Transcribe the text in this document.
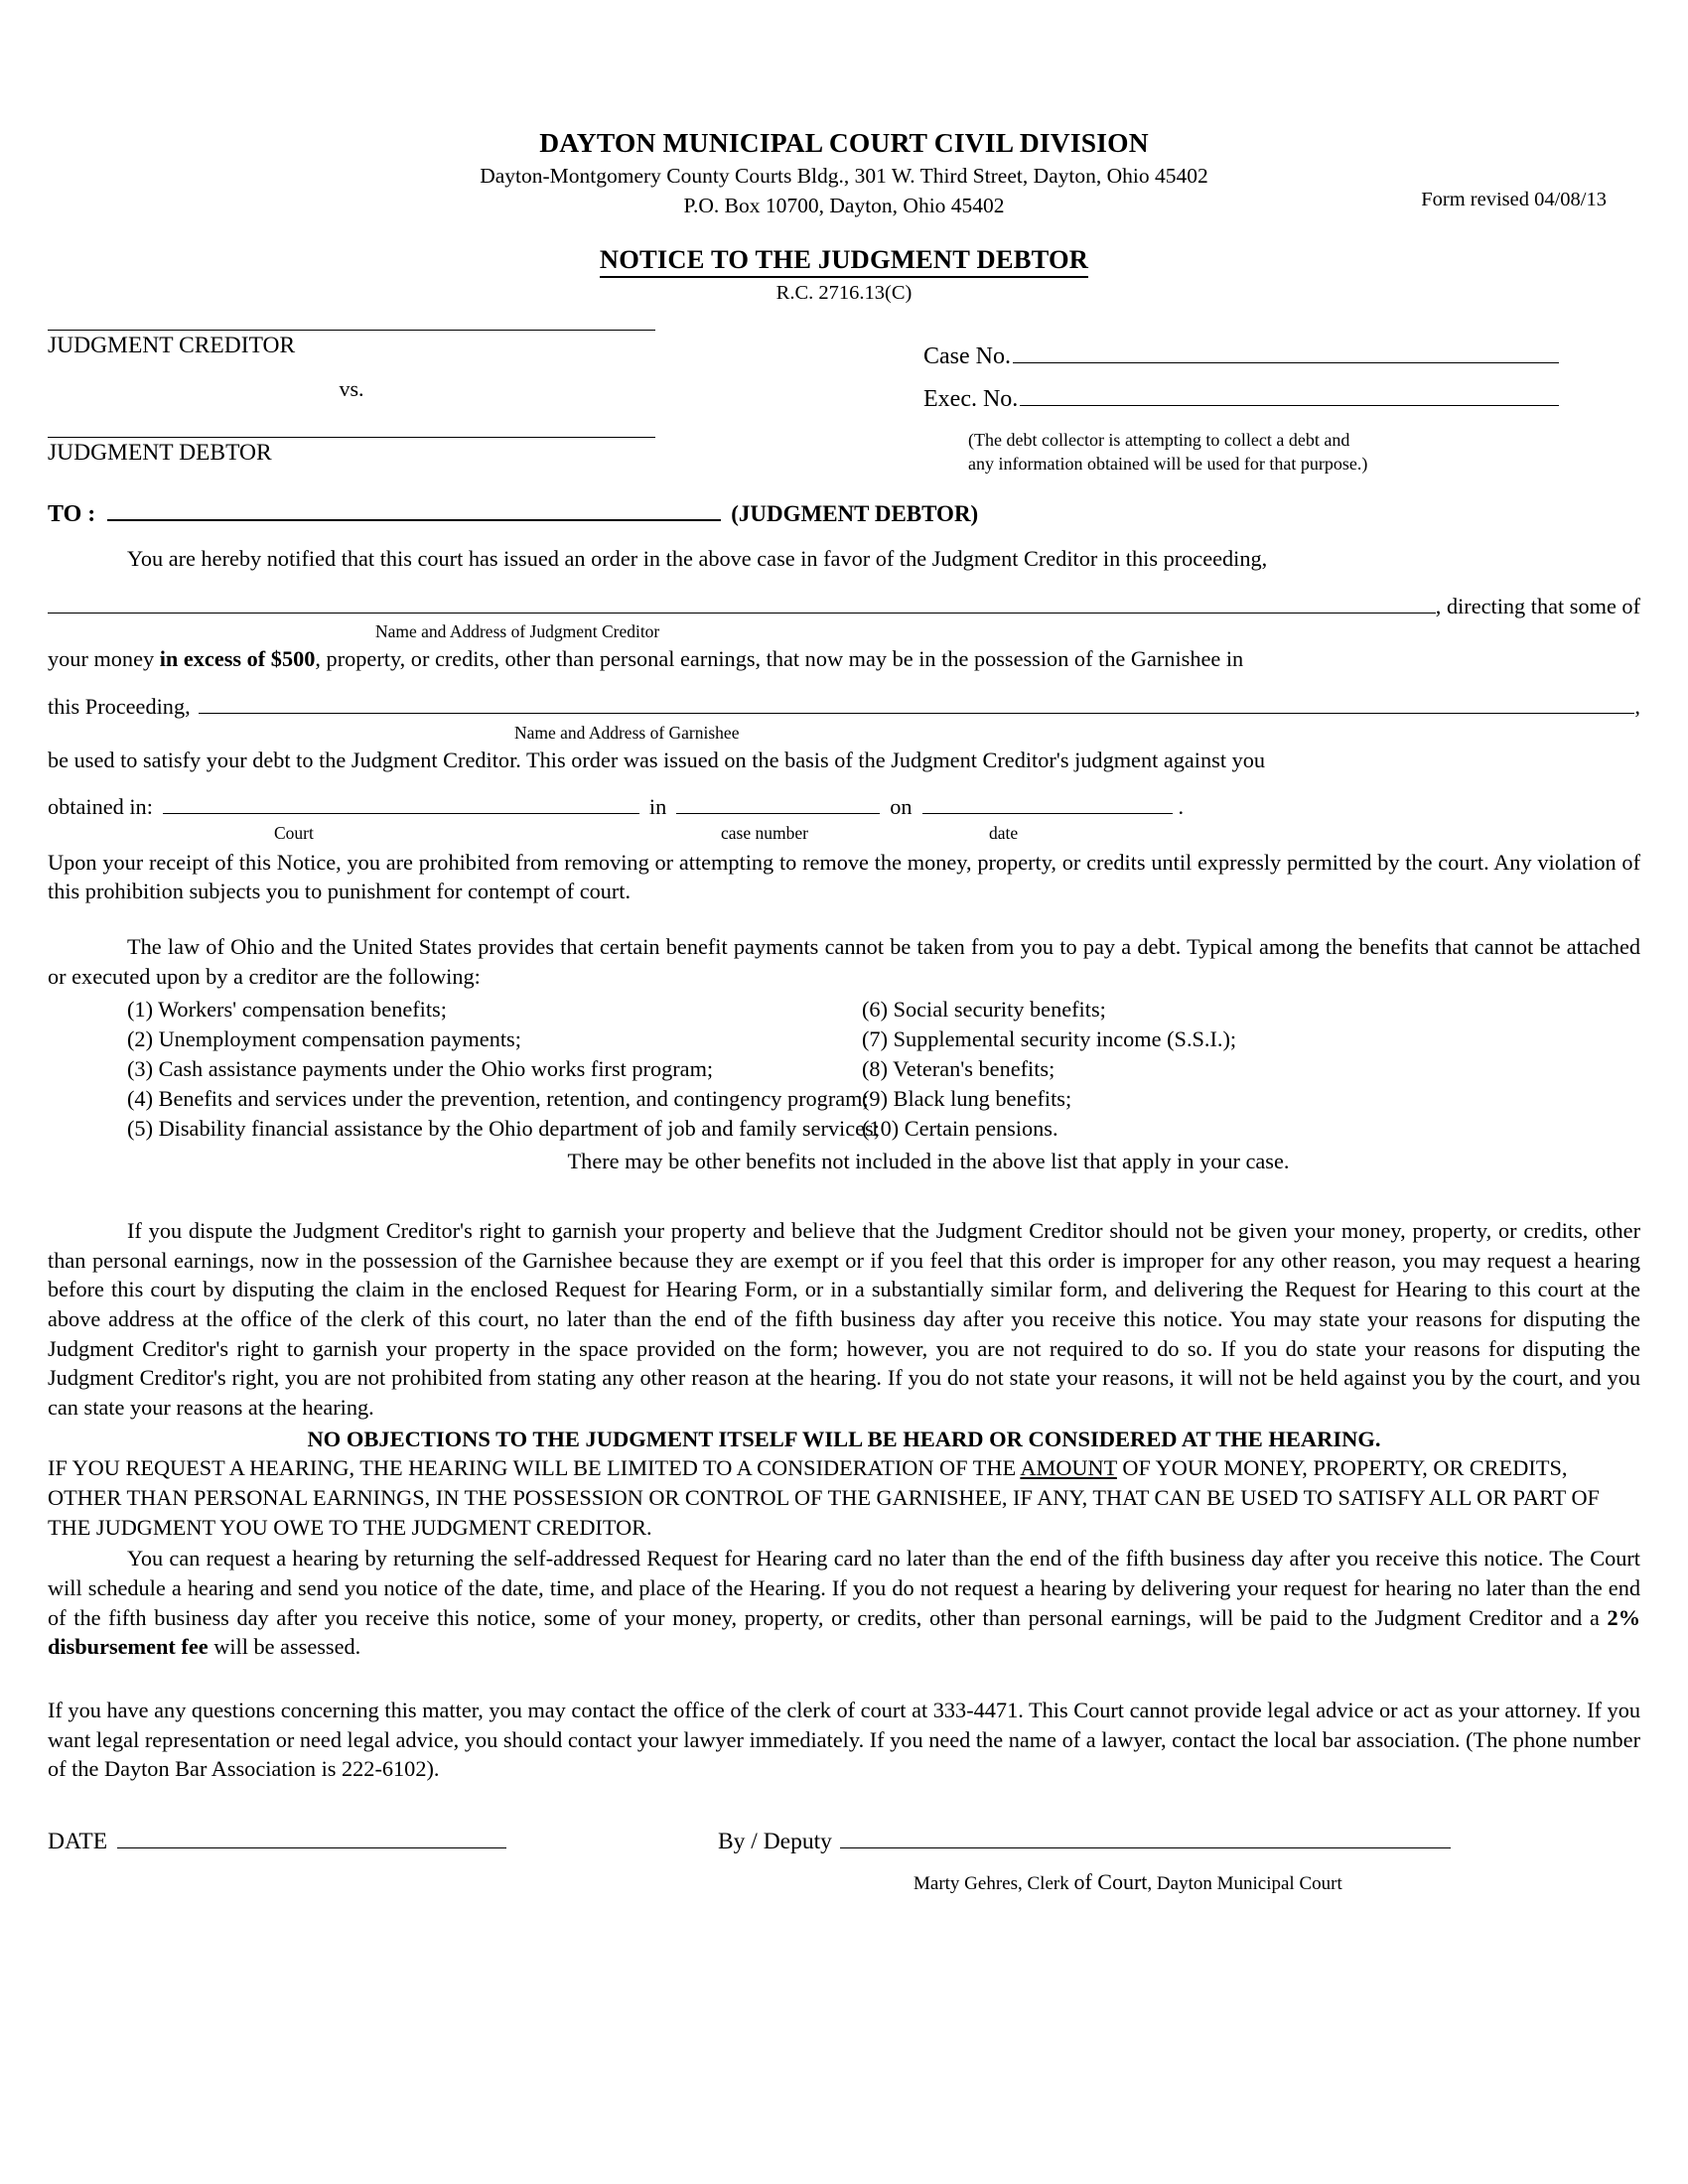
DAYTON MUNICIPAL COURT CIVIL DIVISION
Dayton-Montgomery County Courts Bldg., 301 W. Third Street, Dayton, Ohio 45402
P.O. Box 10700, Dayton, Ohio 45402	Form revised 04/08/13
NOTICE TO THE JUDGMENT DEBTOR
R.C. 2716.13(C)
JUDGMENT CREDITOR
vs.
JUDGMENT DEBTOR
Case No.
Exec. No.
(The debt collector is attempting to collect a debt and
any information obtained will be used for that purpose.)
TO :	(JUDGMENT DEBTOR)
You are hereby notified that this court has issued an order in the above case in favor of the Judgment Creditor in this proceeding,
, directing that some of
Name and Address of Judgment Creditor
your money in excess of $500, property, or credits, other than personal earnings, that now may be in the possession of the Garnishee in
this Proceeding,	,
Name and Address of Garnishee
be used to satisfy your debt to the Judgment Creditor. This order was issued on the basis of the Judgment Creditor's judgment against you
obtained in:	in	on	.
Court	case number	date
Upon your receipt of this Notice, you are prohibited from removing or attempting to remove the money, property, or credits until expressly permitted by the court. Any violation of this prohibition subjects you to punishment for contempt of court.
The law of Ohio and the United States provides that certain benefit payments cannot be taken from you to pay a debt. Typical among the benefits that cannot be attached or executed upon by a creditor are the following:
(1) Workers' compensation benefits;
(2) Unemployment compensation payments;
(3) Cash assistance payments under the Ohio works first program;
(4) Benefits and services under the prevention, retention, and contingency program;
(5) Disability financial assistance by the Ohio department of job and family services;
(6) Social security benefits;
(7) Supplemental security income (S.S.I.);
(8) Veteran's benefits;
(9) Black lung benefits;
(10) Certain pensions.
There may be other benefits not included in the above list that apply in your case.
If you dispute the Judgment Creditor's right to garnish your property and believe that the Judgment Creditor should not be given your money, property, or credits, other than personal earnings, now in the possession of the Garnishee because they are exempt or if you feel that this order is improper for any other reason, you may request a hearing before this court by disputing the claim in the enclosed Request for Hearing Form, or in a substantially similar form, and delivering the Request for Hearing to this court at the above address at the office of the clerk of this court, no later than the end of the fifth business day after you receive this notice. You may state your reasons for disputing the Judgment Creditor's right to garnish your property in the space provided on the form; however, you are not required to do so. If you do state your reasons for disputing the Judgment Creditor's right, you are not prohibited from stating any other reason at the hearing. If you do not state your reasons, it will not be held against you by the court, and you can state your reasons at the hearing.
NO OBJECTIONS TO THE JUDGMENT ITSELF WILL BE HEARD OR CONSIDERED AT THE HEARING.
IF YOU REQUEST A HEARING, THE HEARING WILL BE LIMITED TO A CONSIDERATION OF THE AMOUNT OF YOUR MONEY, PROPERTY, OR CREDITS, OTHER THAN PERSONAL EARNINGS, IN THE POSSESSION OR CONTROL OF THE GARNISHEE, IF ANY, THAT CAN BE USED TO SATISFY ALL OR PART OF THE JUDGMENT YOU OWE TO THE JUDGMENT CREDITOR.
You can request a hearing by returning the self-addressed Request for Hearing card no later than the end of the fifth business day after you receive this notice. The Court will schedule a hearing and send you notice of the date, time, and place of the Hearing. If you do not request a hearing by delivering your request for hearing no later than the end of the fifth business day after you receive this notice, some of your money, property, or credits, other than personal earnings, will be paid to the Judgment Creditor and a 2% disbursement fee will be assessed.
If you have any questions concerning this matter, you may contact the office of the clerk of court at 333-4471. This Court cannot provide legal advice or act as your attorney. If you want legal representation or need legal advice, you should contact your lawyer immediately. If you need the name of a lawyer, contact the local bar association. (The phone number of the Dayton Bar Association is 222-6102).
DATE	By / Deputy
Marty Gehres, Clerk of Court, Dayton Municipal Court
